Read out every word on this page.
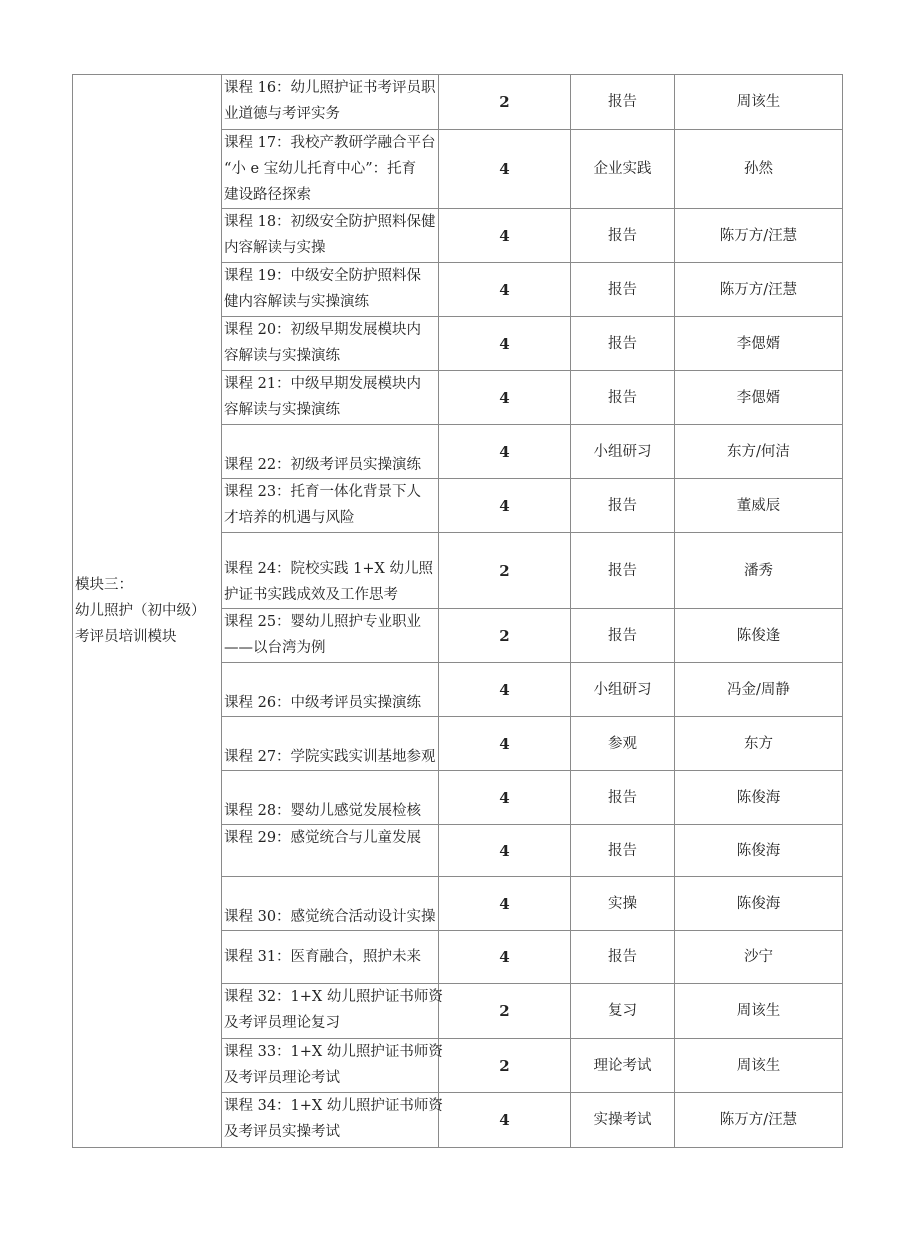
模块三：
幼儿照护（初中级）
考评员培训模块	课程 16：幼儿照护证书考评员职
业道德与考评实务	2	报告	周该生

	课程 17：我校产教研学融合平台
“小 e 宝幼儿托育中心”：托育
建设路径探索	4	企业实践	孙然

	课程 18：初级安全防护照料保健
内容解读与实操	4	报告	陈万方/汪慧

	课程 19：中级安全防护照料保
健内容解读与实操演练	4	报告	陈万方/汪慧

	课程 20：初级早期发展模块内
容解读与实操演练	4	报告	李偲婿

	课程 21：中级早期发展模块内
容解读与实操演练	4	报告	李偲婿

	课程 22：初级考评员实操演练	4	小组研习	东方/何洁

	课程 23：托育一体化背景下人
才培养的机遇与风险	4	报告	董威辰

	课程 24：院校实践 1+X 幼儿照
护证书实践成效及工作思考	2	报告	潘秀

	课程 25：婴幼儿照护专业职业
——以台湾为例	2	报告	陈俊逢

	课程 26：中级考评员实操演练	4	小组研习	冯金/周静

	课程 27：学院实践实训基地参观	4	参观	东方

	课程 28：婴幼儿感觉发展检核	4	报告	陈俊海

	课程 29：感觉统合与儿童发展	4	报告	陈俊海

	课程 30：感觉统合活动设计实操	4	实操	陈俊海

	课程 31：医育融合，照护未来	4	报告	沙宁

	课程 32：1+X 幼儿照护证书师资
及考评员理论复习	2	复习	周该生

	课程 33：1+X 幼儿照护证书师资
及考评员理论考试	2	理论考试	周该生

	课程 34：1+X 幼儿照护证书师资
及考评员实操考试	4	实操考试	陈万方/汪慧
